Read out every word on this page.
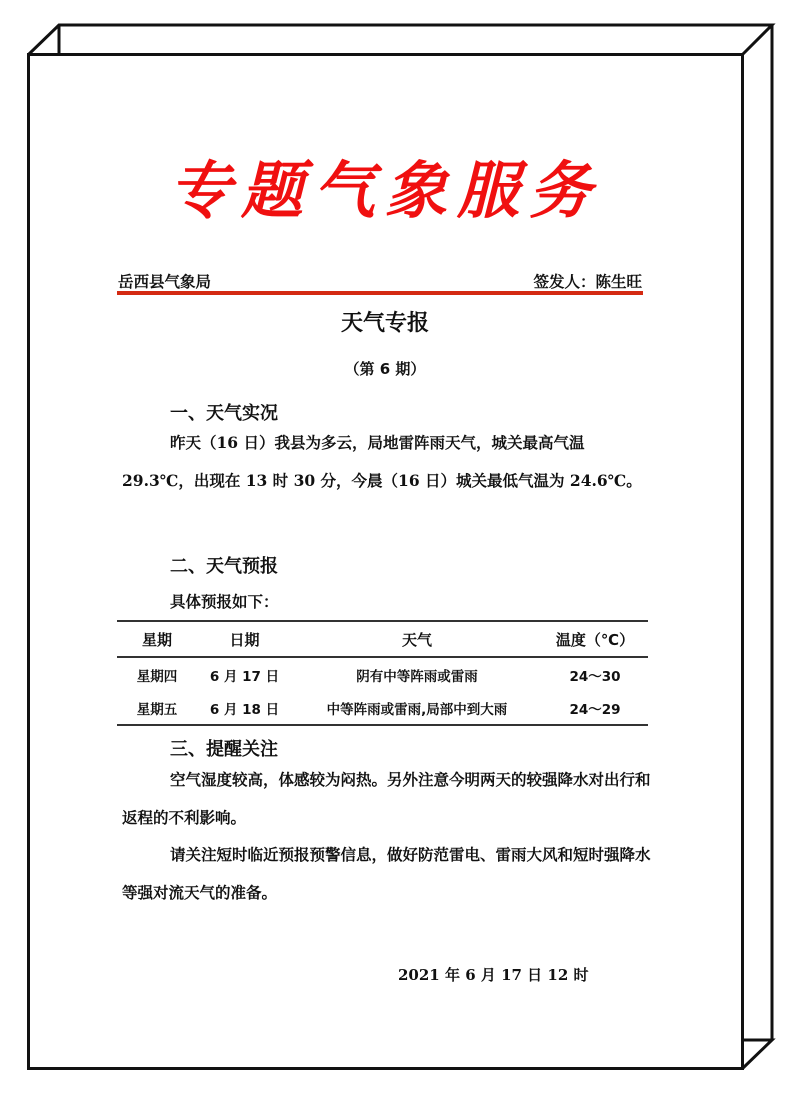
专题气象服务
岳西县气象局	签发人：陈生旺
天气专报
（第 6 期）
一、天气实况
昨天（16 日）我县为多云，局地雷阵雨天气，城关最高气温 29.3℃，出现在 13 时 30 分，今晨（16 日）城关最低气温为 24.6℃。
二、天气预报
具体预报如下：
星期	日期	天气	温度（℃）
星期四	6 月 17 日	阴有中等阵雨或雷雨	24～30
星期五	6 月 18 日	中等阵雨或雷雨,局部中到大雨	24～29
三、提醒关注
空气湿度较高，体感较为闷热。另外注意今明两天的较强降水对出行和返程的不利影响。
请关注短时临近预报预警信息，做好防范雷电、雷雨大风和短时强降水等强对流天气的准备。
2021 年 6 月 17 日 12 时
